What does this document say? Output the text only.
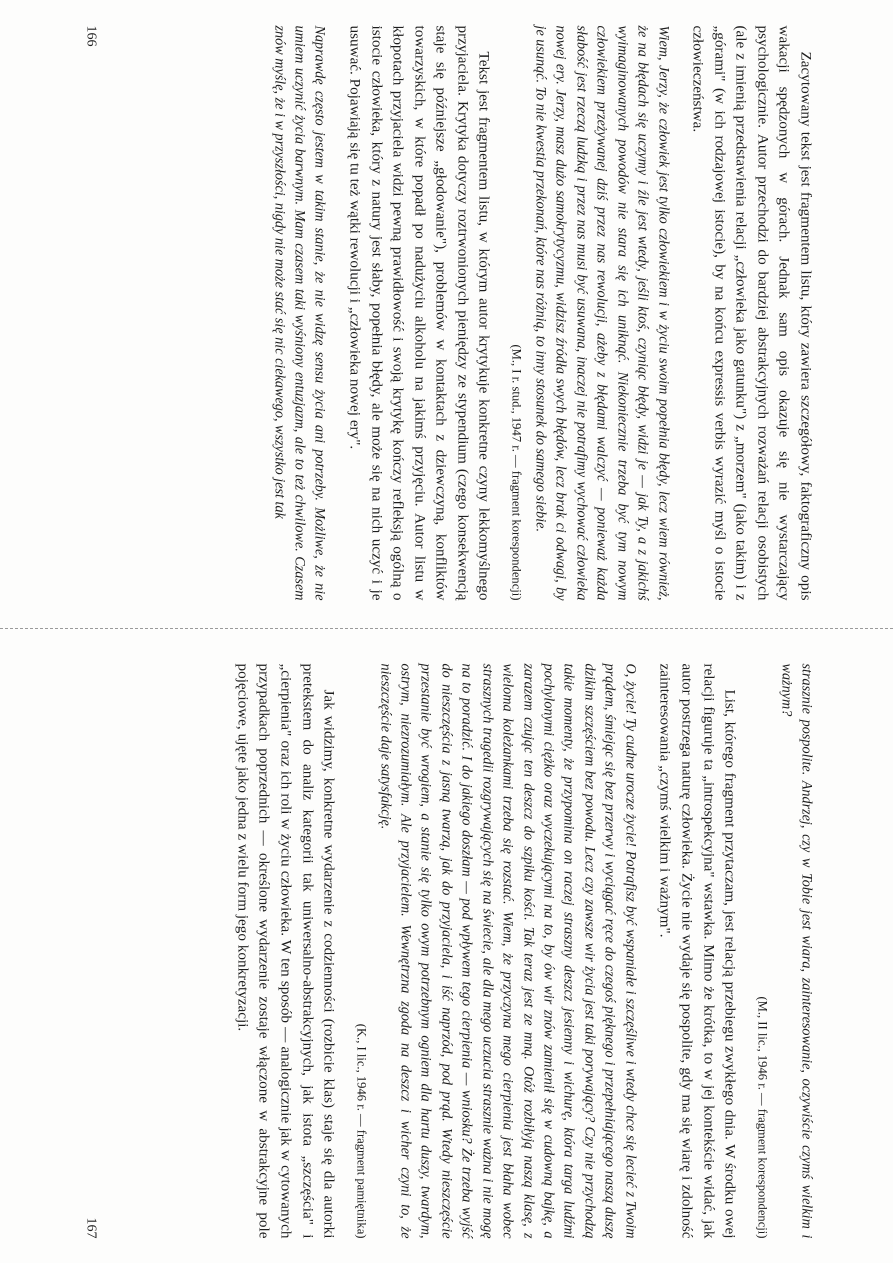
Zacytowany tekst jest fragmentem listu, który zawiera szczegółowy, faktograficzny opis wakacji spędzonych w górach. Jednak sam opis okazuje się nie wystarczający psychologicznie. Autor przechodzi do bardziej abstrakcyjnych rozważań relacji osobistych (ale z imienią przedstawienia relacji „człowieka jako gatunku") z „morzem" (jako takim) i z „górami" (w ich rodzajowej istocie), by na końcu expressis verbis wyrazić myśl o istocie człowieczeństwa.

Wiem, Jerzy, że człowiek jest tylko człowiekiem i w życiu swoim popełnia błędy, lecz wiem również, że na błędach się uczymy i źle jest wtedy, jeśli ktoś, czyniąc błędy, widzi je — jak Ty, a z jakichś wyimaginowanych powodów nie stara się ich uniknąć. Niekoniecznie trzeba być tym nowym człowiekiem przeżywanej dziś przez nas rewolucji, ażeby z błędami walczyć — ponieważ każda słabość jest rzeczą ludzką i przez nas musi być usuwana, inaczej nie potrafimy wychować człowieka nowej ery. Jerzy, masz dużo samokrytycyzmu, widzisz źródła swych błędów, lecz brak ci odwagi, by je usunąć. To nie kwestia przekonań, które nas różnią, to inny stosunek do samego siebie.

(M., I r. stud., 1947 r. — fragment korespondencji)

Tekst jest fragmentem listu, w którym autor krytykuje konkretne czyny lekkomyślnego przyjaciela. Krytyka dotyczy roztrwonionych pieniędzy ze stypendium (czego konsekwencją staje się późniejsze „głodowanie"), problemów w kontaktach z dziewczyną, konfliktów towarzyskich, w które popadł po nadużyciu alkoholu na jakimś przyjęciu. Autor listu w kłopotach przyjaciela widzi pewną prawidłowość i swoją krytykę kończy refleksją ogólną o istocie człowieka, który z natury jest słaby, popełnia błędy, ale może się na nich uczyć i je usuwać. Pojawiają się tu też wątki rewolucji i „człowieka nowej ery".

Naprawdę często jestem w takim stanie, że nie widzę sensu życia ani potrzeby. Możliwe, że nie umiem uczynić życia barwnym. Mam czasem taki wyśniony entuzjazm, ale to też chwilowe. Czasem znów myślę, że i w przyszłości, nigdy nie może stać się nic ciekawego, wszystko jest tak

166

strasznie pospolite. Andrzej, czy w Tobie jest wiara, zainteresowanie, oczywiście czymś wielkim i ważnym?

(M., II lic., 1946 r. — fragment korespondencji)

List, którego fragment przytaczam, jest relacją przebiegu zwykłego dnia. W środku owej relacji figuruje ta „introspekcyjna" wstawka. Mimo że krótka, to w jej kontekście widać, jak autor postrzega naturę człowieka. Życie nie wydaje się pospolite, gdy ma się wiarę i zdolność zainteresowania „czymś wielkim i ważnym".

O, życie! Ty cudne urocze życie! Potrafisz być wspaniałe i szczęśliwe i wtedy chce się lecieć z Twoim prądem, śmiejąc się bez przerwy i wyciągać ręce do czegoś pięknego i przepełniającego naszą duszę dzikim szczęściem bez powodu. Lecz czy zawsze wir życia jest taki porywający? Czy nie przychodzą takie momenty, że przypomina on raczej straszny deszcz jesienny i wichurę, która targa ludźmi pochylonymi ciężko oraz wyczekującymi na to, by ów wir znów zamienił się w cudowną bajkę, a zarazem czując ten deszcz do szpiku kości. Tak teraz jest ze mną. Otóż rozbiłyją naszą klasę, z wieloma koleżankami trzeba się rozstać. Wiem, że przyczyna mego cierpienia jest błaha wobec strasznych tragedii rozgrywających się na świecie, ale dla mego uczucia strasznie ważna i nie mogę na to poradzić. I do jakiego doszłam — pod wpływem tego cierpienia — wniosku? Że trzeba wyjść do nieszczęścia z jasną twarzą, jak do przyjaciela, i iść naprzód, pod prąd. Wtedy nieszczęście przestanie być wrogiem, a stanie się tylko owym potrzebnym ogniem dla hartu duszy, twardym, ostrym, niezrozumiałym. Ale przyjacielem. Wewnętrzna zgoda na deszcz i wicher czyni to, że nieszczęście daje satysfakcję.

(K., I lic., 1946 r. — fragment pamiętnika)

Jak widzimy, konkretne wydarzenie z codzienności (rozbicie klas) staje się dla autorki pretekstem do analiz kategorii tak uniwersalno-abstrakcyjnych, jak istota „szczęścia" i „cierpienia" oraz ich roli w życiu człowieka. W ten sposób — analogicznie jak w cytowanych przypadkach poprzednich — określone wydarzenie zostaje włączone w abstrakcyjne pole pojęciowe, ujęte jako jedna z wielu form jego konkretyzacji.

167
